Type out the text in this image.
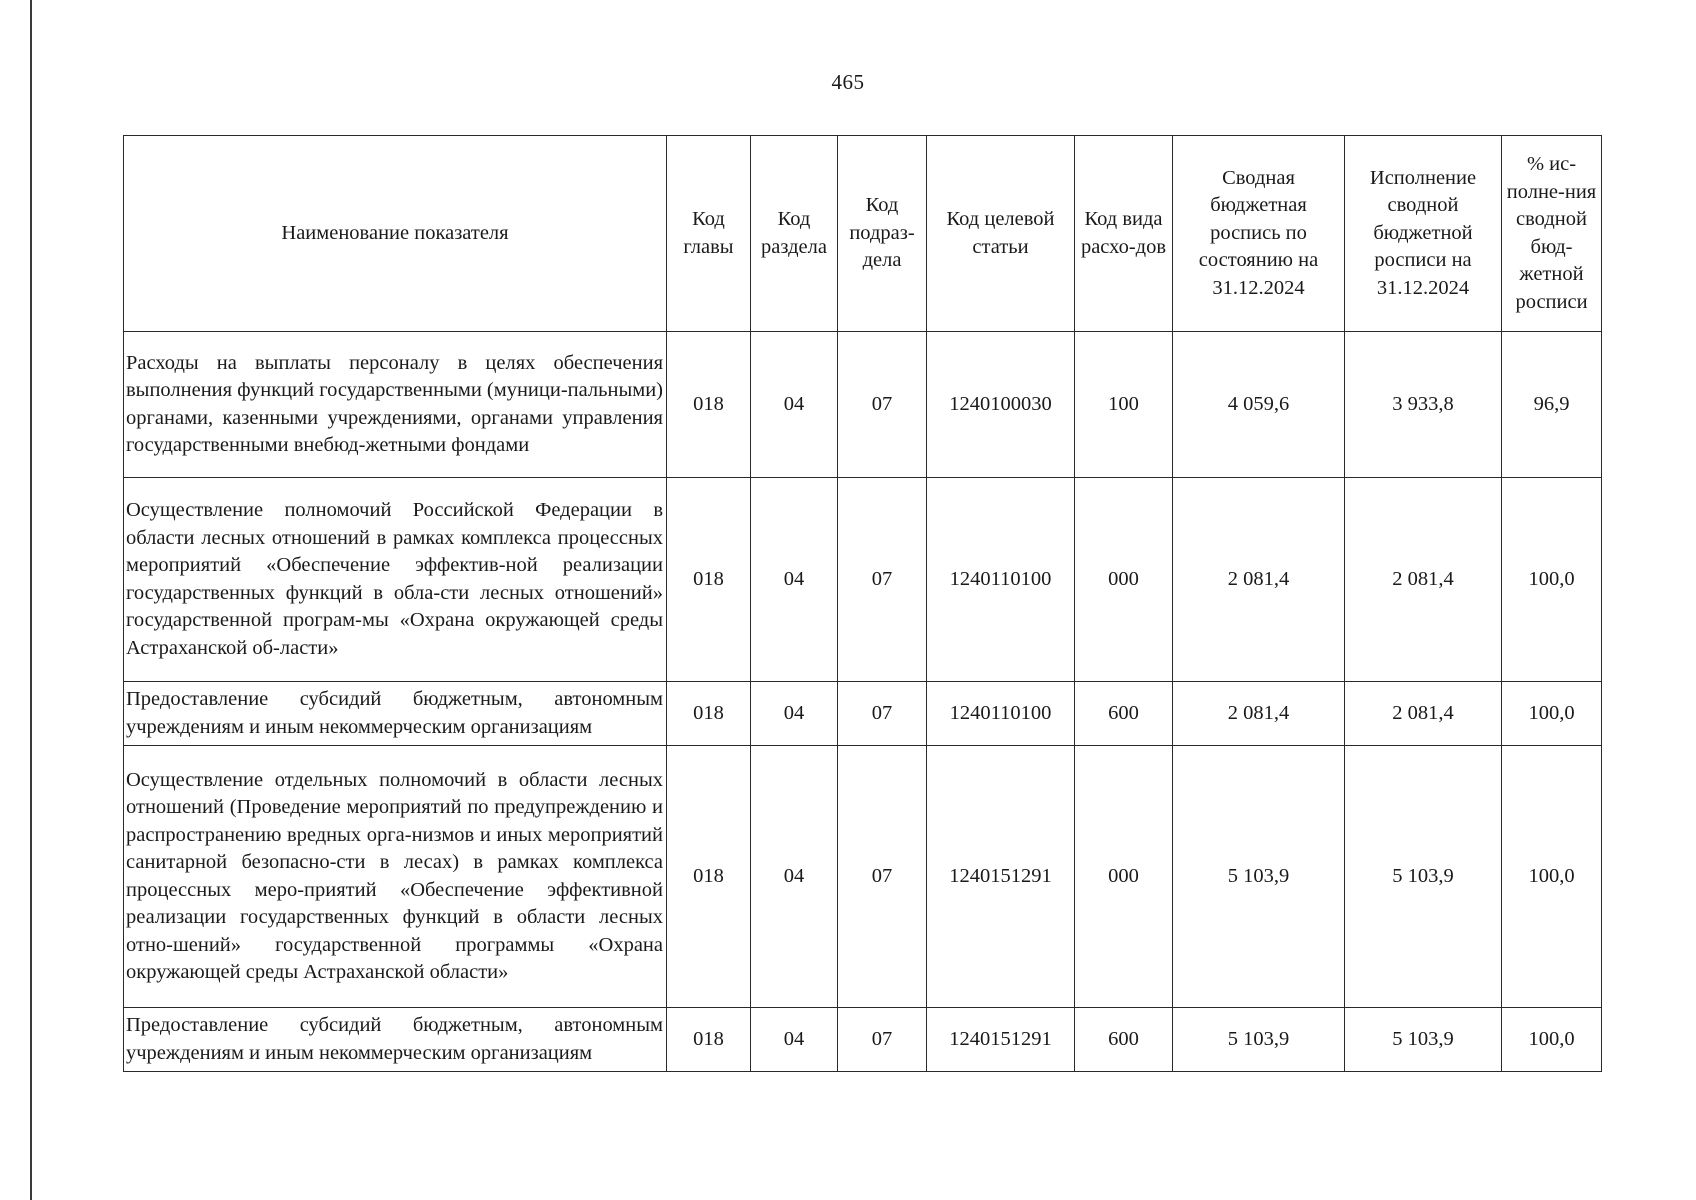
465
Наименование показателя	Код главы	Код раздела	Код подраз-дела	Код целевой статьи	Код вида расхо-дов	Сводная бюджетная роспись по состоянию на 31.12.2024	Исполнение сводной бюджетной росписи на 31.12.2024	% ис-полне-ния сводной бюд-жетной росписи
Расходы на выплаты персоналу в целях обеспечения выполнения функций государственными (муници-пальными) органами, казенными учреждениями, органами управления государственными внебюд-жетными фондами	018	04	07	1240100030	100	4 059,6	3 933,8	96,9
Осуществление полномочий Российской Федерации в области лесных отношений в рамках комплекса процессных мероприятий «Обеспечение эффектив-ной реализации государственных функций в обла-сти лесных отношений» государственной програм-мы «Охрана окружающей среды Астраханской об-ласти»	018	04	07	1240110100	000	2 081,4	2 081,4	100,0
Предоставление субсидий бюджетным, автономным учреждениям и иным некоммерческим организациям	018	04	07	1240110100	600	2 081,4	2 081,4	100,0
Осуществление отдельных полномочий в области лесных отношений (Проведение мероприятий по предупреждению и распространению вредных орга-низмов и иных мероприятий санитарной безопасно-сти в лесах) в рамках комплекса процессных меро-приятий «Обеспечение эффективной реализации государственных функций в области лесных отно-шений» государственной программы «Охрана окружающей среды Астраханской области»	018	04	07	1240151291	000	5 103,9	5 103,9	100,0
Предоставление субсидий бюджетным, автономным учреждениям и иным некоммерческим организациям	018	04	07	1240151291	600	5 103,9	5 103,9	100,0
